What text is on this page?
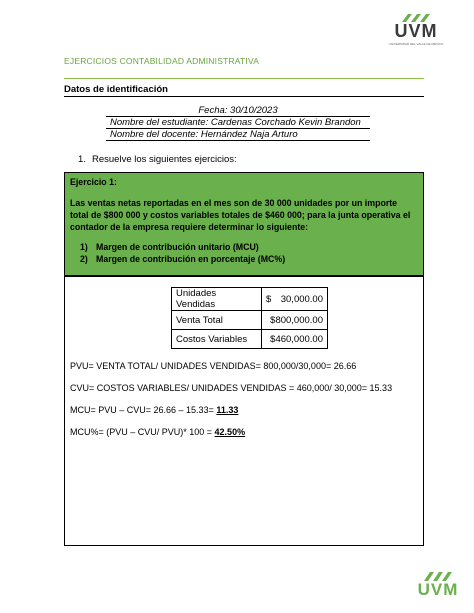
UVM
UNIVERSIDAD DEL VALLE DE MÉXICO
EJERCICIOS CONTABILIDAD ADMINISTRATIVA
Datos de identificación
Fecha: 30/10/2023
Nombre del estudiante: Cardenas Corchado Kevin Brandon
Nombre del docente: Hernández Naja Arturo
1. Resuelve los siguientes ejercicios:
Ejercicio 1:
Las ventas netas reportadas en el mes son de 30 000 unidades por un importe total de $800 000 y costos variables totales de $460 000; para la junta operativa el contador de la empresa requiere determinar lo siguiente:
1) Margen de contribución unitario (MCU)
2) Margen de contribución en porcentaje (MC%)
Unidades Vendidas	$ 30,000.00

Venta Total	$800,000.00

Costos Variables	$460,000.00
PVU= VENTA TOTAL/ UNIDADES VENDIDAS= 800,000/30,000= 26.66
CVU= COSTOS VARIABLES/ UNIDADES VENDIDAS = 460,000/ 30,000= 15.33
MCU= PVU – CVU= 26.66 – 15.33= 11.33
MCU%= (PVU – CVU/ PVU)* 100 = 42.50%
UVM
